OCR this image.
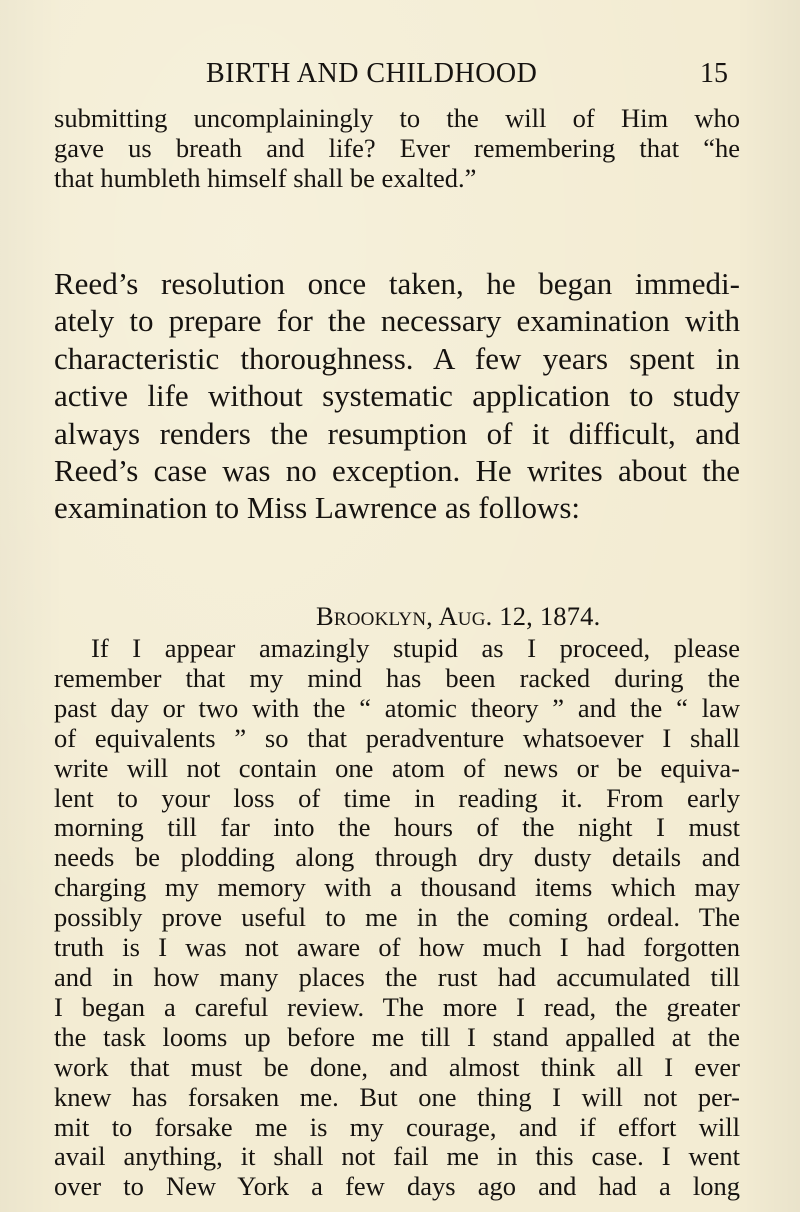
BIRTH AND CHILDHOOD	15
submitting uncomplainingly to the will of Him who
gave us breath and life? Ever remembering that “he
that humbleth himself shall be exalted.”
Reed’s resolution once taken, he began immedi-
ately to prepare for the necessary examination with
characteristic thoroughness. A few years spent in
active life without systematic application to study
always renders the resumption of it difficult, and
Reed’s case was no exception. He writes about the
examination to Miss Lawrence as follows:
Brooklyn, Aug. 12, 1874.
If I appear amazingly stupid as I proceed, please
remember that my mind has been racked during the
past day or two with the “ atomic theory ” and the “ law
of equivalents ” so that peradventure whatsoever I shall
write will not contain one atom of news or be equiva-
lent to your loss of time in reading it. From early
morning till far into the hours of the night I must
needs be plodding along through dry dusty details and
charging my memory with a thousand items which may
possibly prove useful to me in the coming ordeal. The
truth is I was not aware of how much I had forgotten
and in how many places the rust had accumulated till
I began a careful review. The more I read, the greater
the task looms up before me till I stand appalled at the
work that must be done, and almost think all I ever
knew has forsaken me. But one thing I will not per-
mit to forsake me is my courage, and if effort will
avail anything, it shall not fail me in this case. I went
over to New York a few days ago and had a long
